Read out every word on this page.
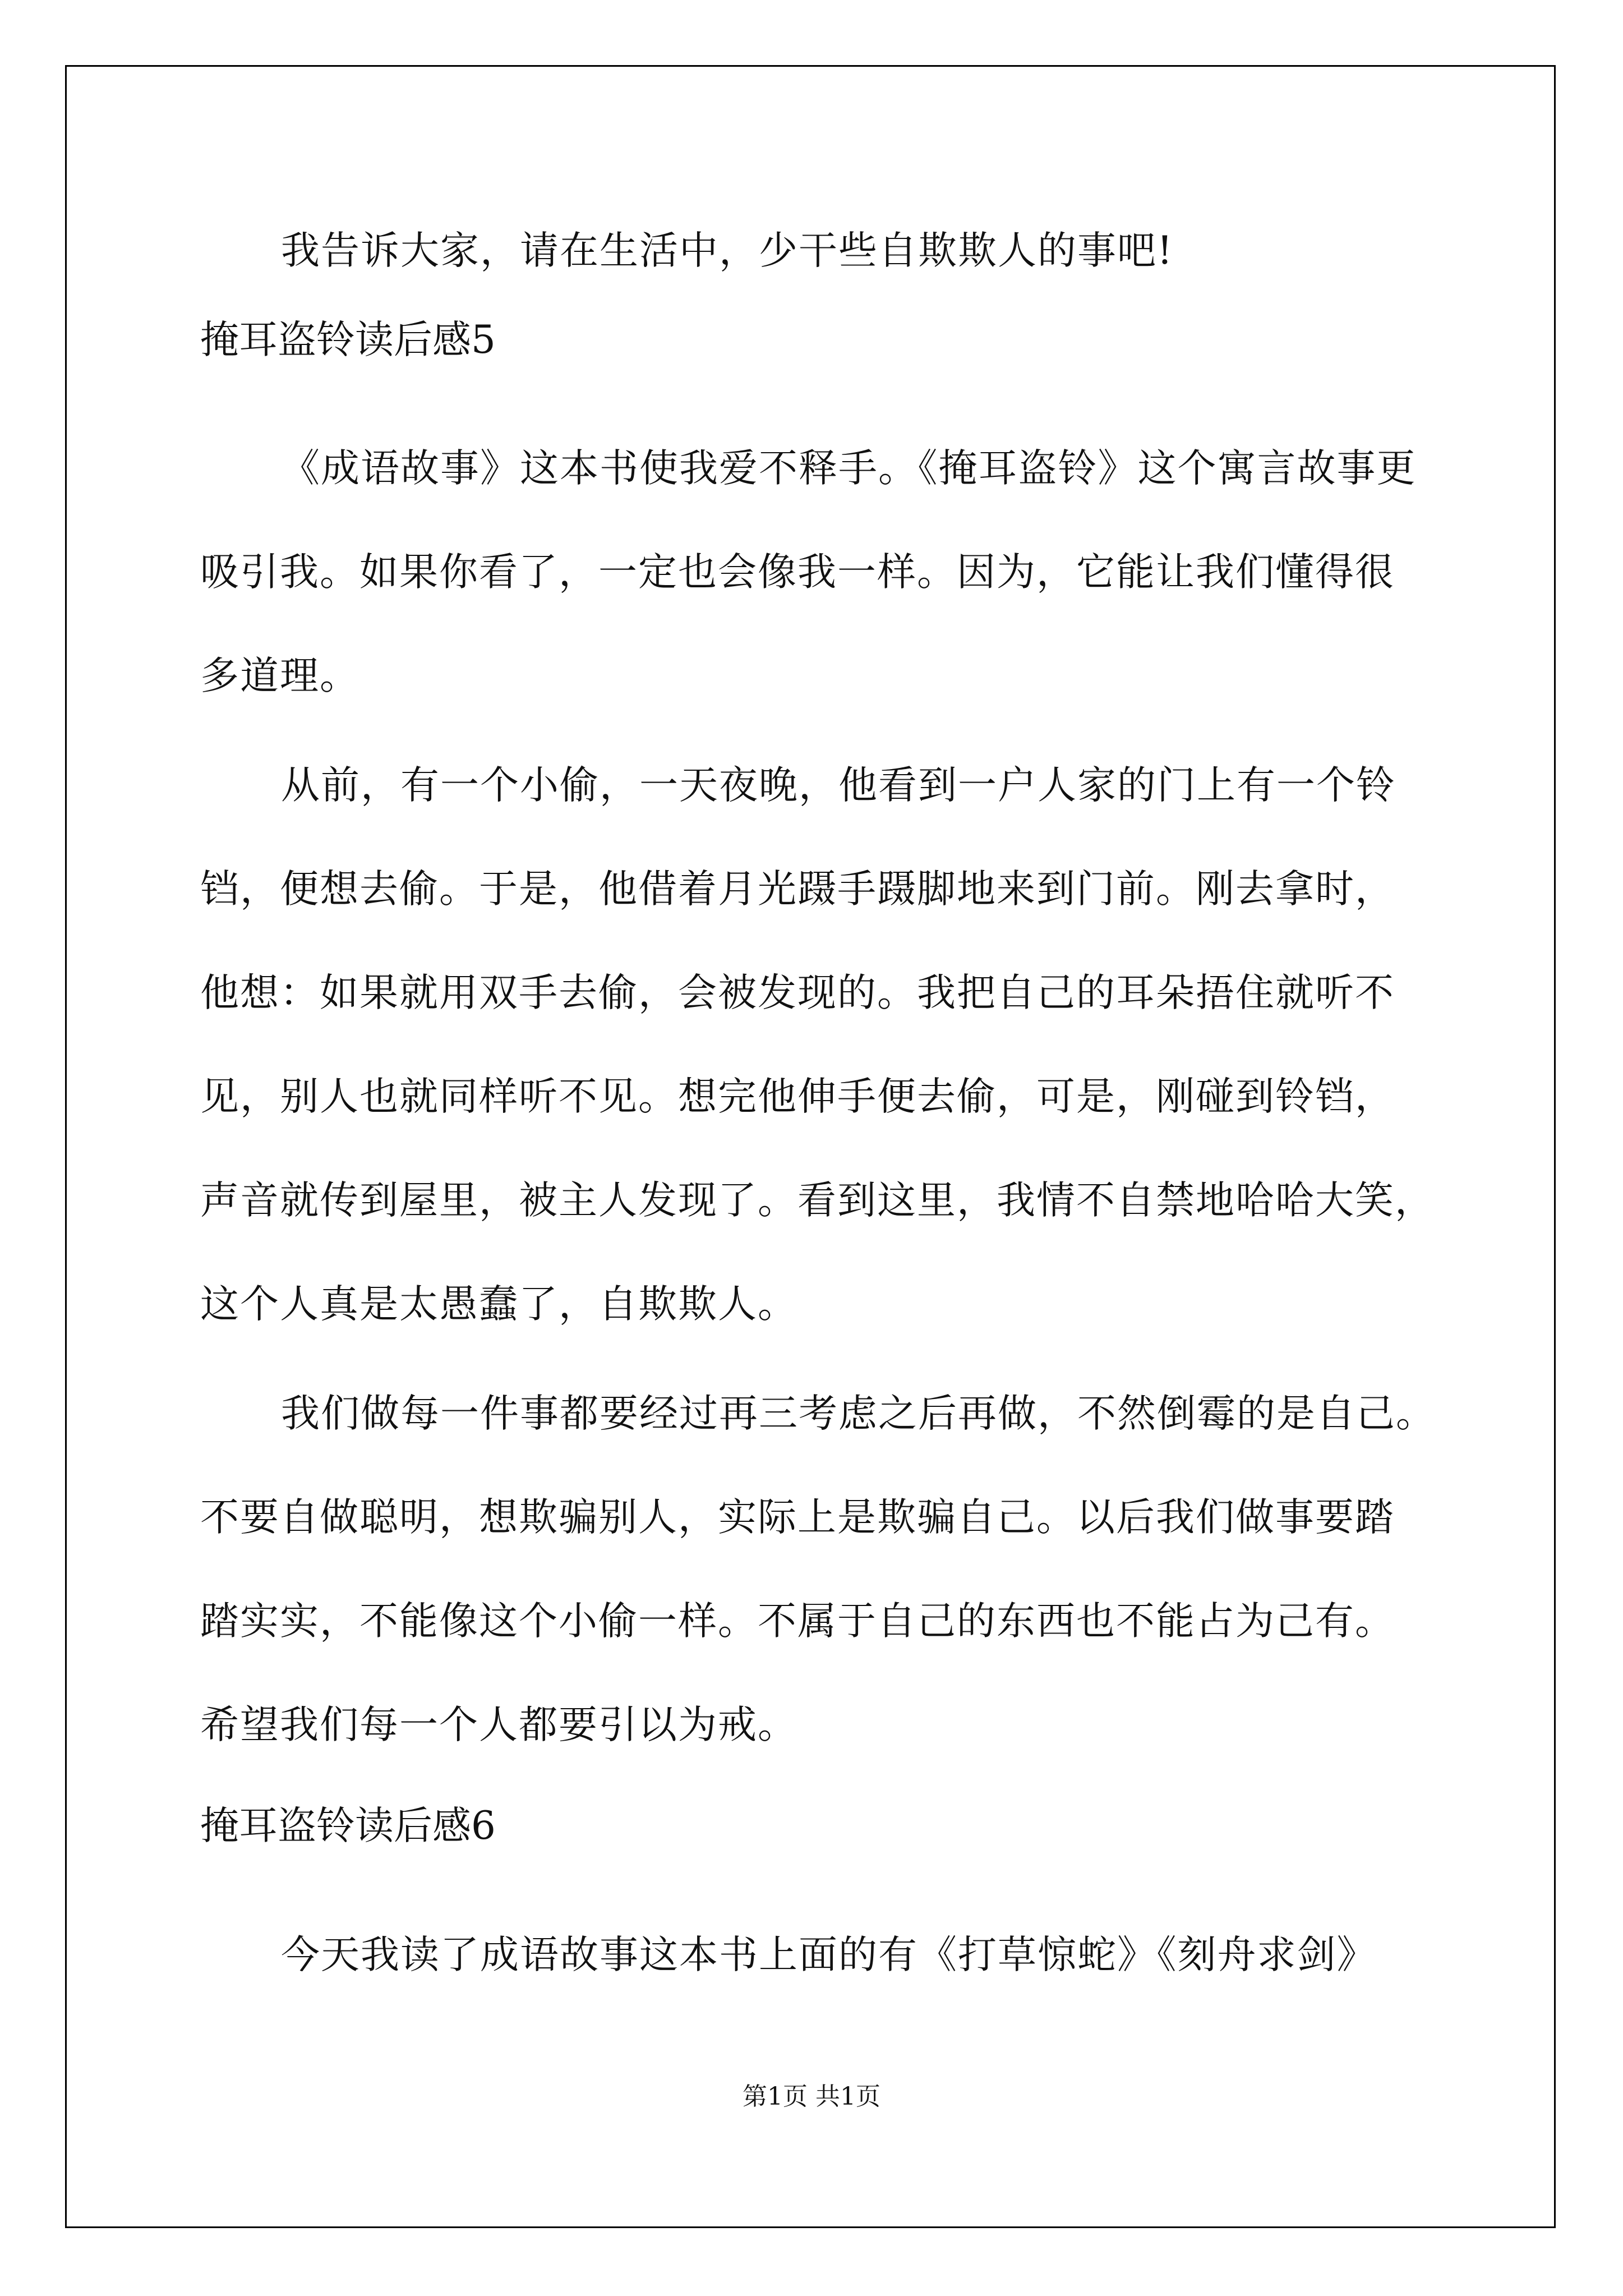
我告诉大家，请在生活中，少干些自欺欺人的事吧!
掩耳盗铃读后感5
《成语故事》这本书使我爱不释手。《掩耳盗铃》这个寓言故事更
吸引我。如果你看了，一定也会像我一样。因为，它能让我们懂得很
多道理。
从前，有一个小偷，一天夜晚，他看到一户人家的门上有一个铃
铛，便想去偷。于是，他借着月光蹑手蹑脚地来到门前。刚去拿时，
他想：如果就用双手去偷，会被发现的。我把自己的耳朵捂住就听不
见，别人也就同样听不见。想完他伸手便去偷，可是，刚碰到铃铛，
声音就传到屋里，被主人发现了。看到这里，我情不自禁地哈哈大笑，
这个人真是太愚蠢了，自欺欺人。
我们做每一件事都要经过再三考虑之后再做，不然倒霉的是自己。
不要自做聪明，想欺骗别人，实际上是欺骗自己。以后我们做事要踏
踏实实，不能像这个小偷一样。不属于自己的东西也不能占为己有。
希望我们每一个人都要引以为戒。
掩耳盗铃读后感6
今天我读了成语故事这本书上面的有《打草惊蛇》《刻舟求剑》
第1页 共1页
